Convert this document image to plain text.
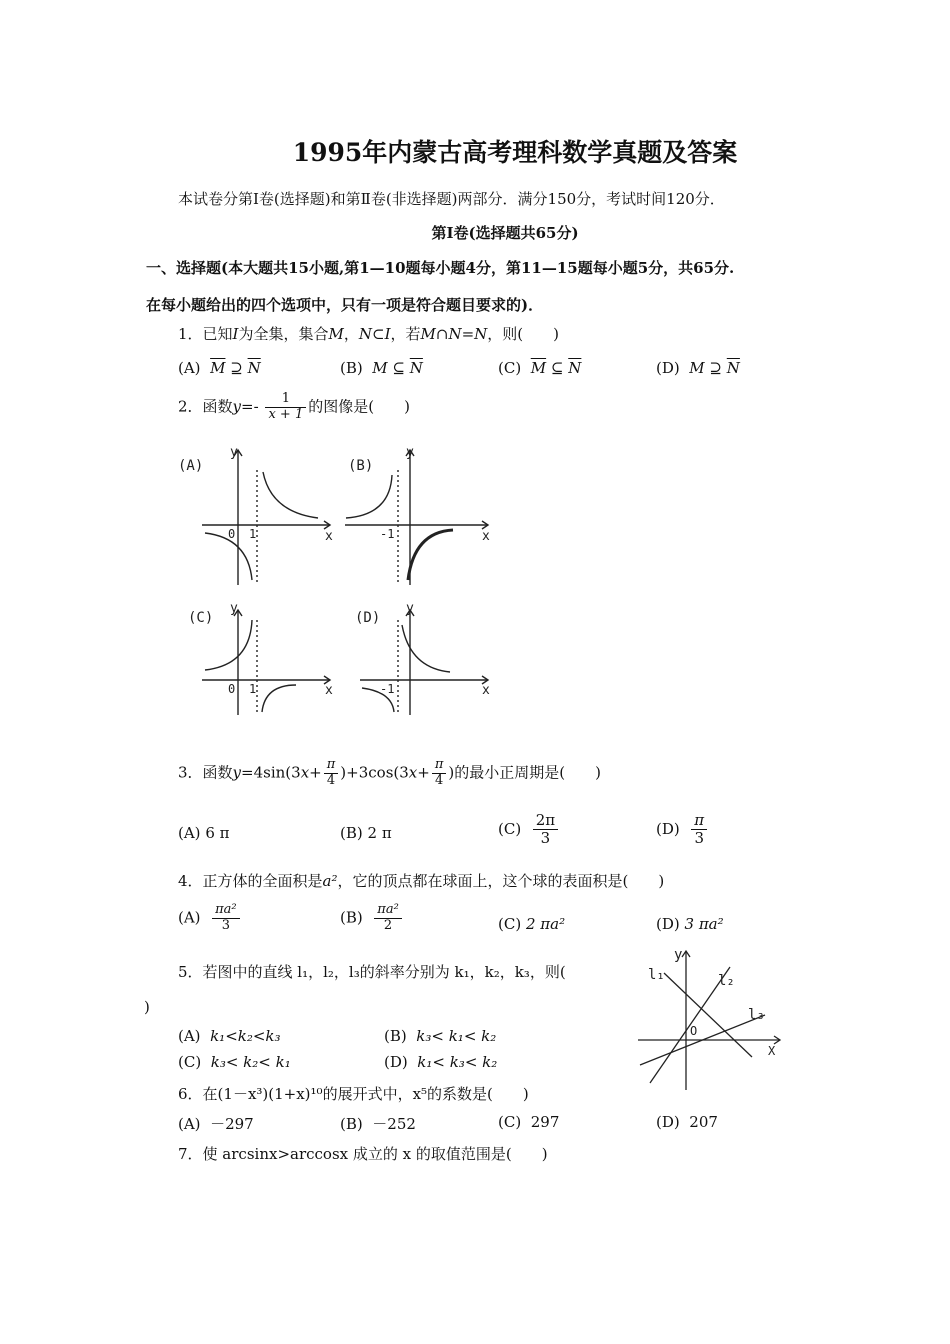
1995年内蒙古高考理科数学真题及答案
本试卷分第Ⅰ卷(选择题)和第Ⅱ卷(非选择题)两部分．满分150分，考试时间120分．
第Ⅰ卷(选择题共65分)
一、选择题(本大题共15小题,第1—10题每小题4分，第11—15题每小题5分，共65分.
在每小题给出的四个选项中，只有一项是符合题目要求的)．
1．已知I为全集，集合M，N⊂I，若M∩N=N，则(　　)
(A) $\overline{M}$ ⊇ $\overline{N}$	(B) M ⊆ $\overline{N}$	(C) $\overline{M}$ ⊆ $\overline{N}$	(D) M ⊇ $\overline{N}$
2．函数$y=- \frac{1}{x + 1}$ 的图像是(　　)
(A)
y
x
0 1
(B)
y
x
-1
(C)
y
x
0 1
(D)
y
x
-1
3．函数$y=4\sin(3x+ \frac{\pi}{4} )+3\cos(3x+ \frac{\pi}{4}$ )的最小正周期是(　　)
(A) 6 π	(B) 2 π	$(C) \frac{2\pi}{3}$	$(D) \frac{\pi}{3}$
4．正方体的全面积是a²，它的顶点都在球面上，这个球的表面积是(　　)
$(A) \frac{\text{πa²}}{3}$	$(B) \frac{\text{πa²}}{2}$	(C) 2 πa²	(D) 3 πa²
5．若图中的直线 l₁，l₂，l₃的斜率分别为 k₁，k₂，k₃，则(
)
(A) k₁<k₂<k₃	(B) k₃< k₁< k₂
(C) k₃< k₂< k₁	(D) k₁< k₃< k₂
y
X
O
l₁	l₂
l₃
6．在(1－x³)(1+x)¹⁰的展开式中，x⁵的系数是(　　)
(A) －297	(B) －252	(C) 297	(D) 207
7．使 arcsinx>arccosx 成立的 x 的取值范围是(　　)
